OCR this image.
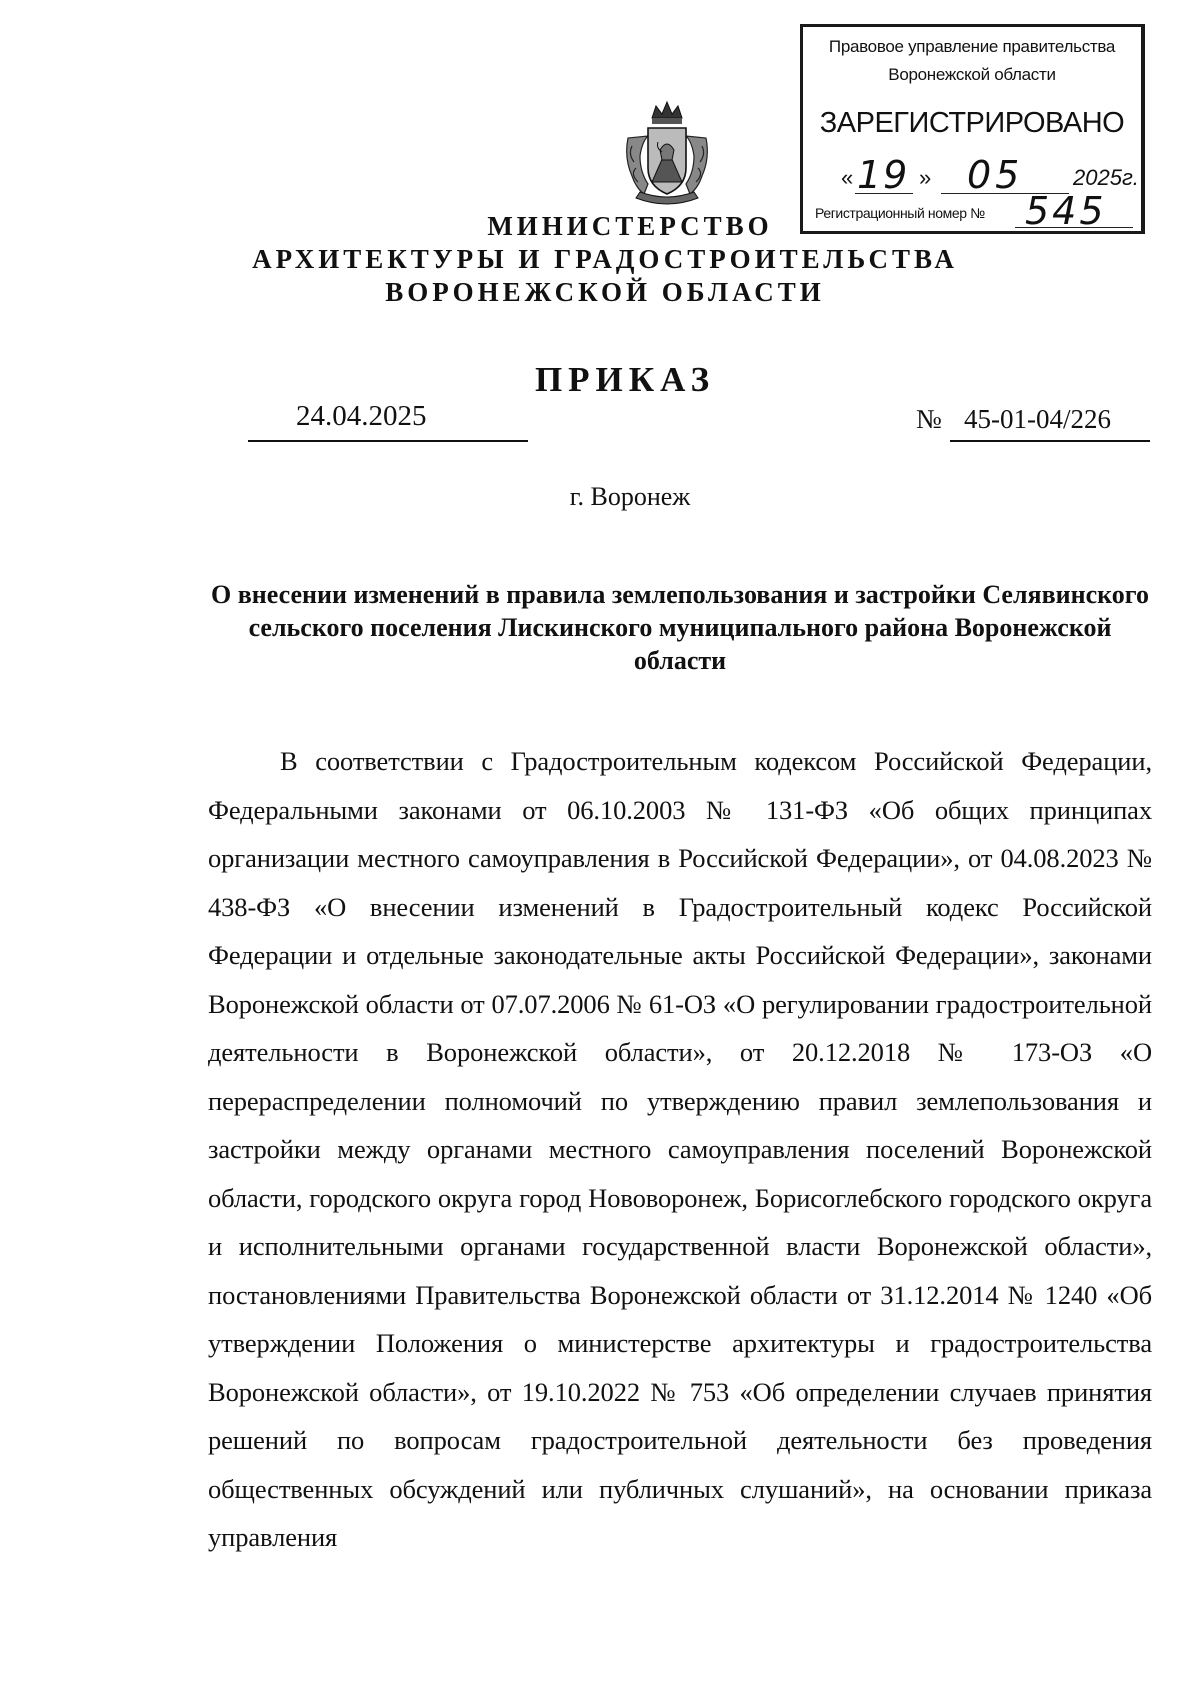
Правовое управление правительства
Воронежской области
ЗАРЕГИСТРИРОВАНО
« 19 » 05 2025г.
Регистрационный номер № 545
МИНИСТЕРСТВО
АРХИТЕКТУРЫ И ГРАДОСТРОИТЕЛЬСТВА
ВОРОНЕЖСКОЙ ОБЛАСТИ
ПРИКАЗ
24.04.2025	№ 45-01-04/226
г. Воронеж
О внесении изменений в правила землепользования и застройки Селявинского сельского поселения Лискинского муниципального района Воронежской области
В соответствии с Градостроительным кодексом Российской Федерации, Федеральными законами от 06.10.2003 № 131-ФЗ «Об общих принципах организации местного самоуправления в Российской Федерации», от 04.08.2023 № 438-ФЗ «О внесении изменений в Градостроительный кодекс Российской Федерации и отдельные законодательные акты Российской Федерации», законами Воронежской области от 07.07.2006 № 61-ОЗ «О регулировании градостроительной деятельности в Воронежской области», от 20.12.2018 № 173-ОЗ «О перераспределении полномочий по утверждению правил землепользования и застройки между органами местного самоуправления поселений Воронежской области, городского округа город Нововоронеж, Борисоглебского городского округа и исполнительными органами государственной власти Воронежской области», постановлениями Правительства Воронежской области от 31.12.2014 № 1240 «Об утверждении Положения о министерстве архитектуры и градостроительства Воронежской области», от 19.10.2022 № 753 «Об определении случаев принятия решений по вопросам градостроительной деятельности без проведения общественных обсуждений или публичных слушаний», на основании приказа управления
